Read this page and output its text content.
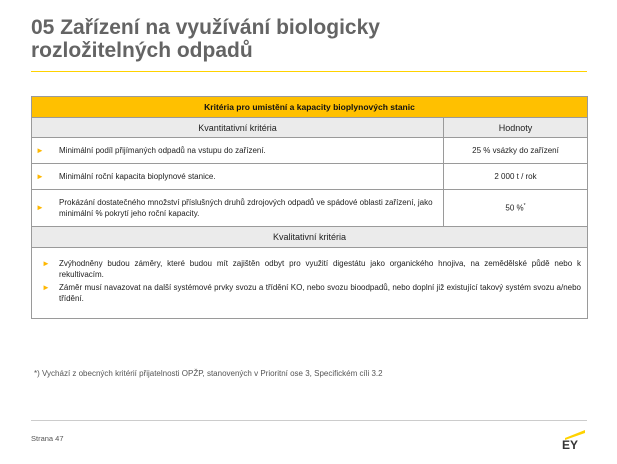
05 Zařízení na využívání biologicky
rozložitelných odpadů
Kritéria pro umistění a kapacity bioplynových stanic	
Kvantitativní kritéria	Hodnoty

► Minimální podíl přijímaných odpadů na vstupu do zařízení.	25 % vsázky do zařízení

► Minimální roční kapacita bioplynové stanice.	2 000 t / rok

►
Prokázání dostatečného množství příslušných druhů zdrojových odpadů ve spádové oblasti zařízení, jako minimální % pokrytí jeho roční kapacity.	50 %*
Kvalitativní kritéria	

► Zvýhodněny budou záměry, které budou mít zajištěn odbyt pro využití digestátu jako organického hnojiva, na zemědělské půdě nebo k rekultivacím.
► Záměr musí navazovat na další systémové prvky svozu a třídění KO, nebo svozu bioodpadů, nebo doplní již existující takový systém svozu a/nebo třídění.	
*) Vychází z obecných kritérií přijatelnosti OPŽP, stanovených v Prioritní ose 3, Specifickém cíli 3.2
Strana 47	EY
